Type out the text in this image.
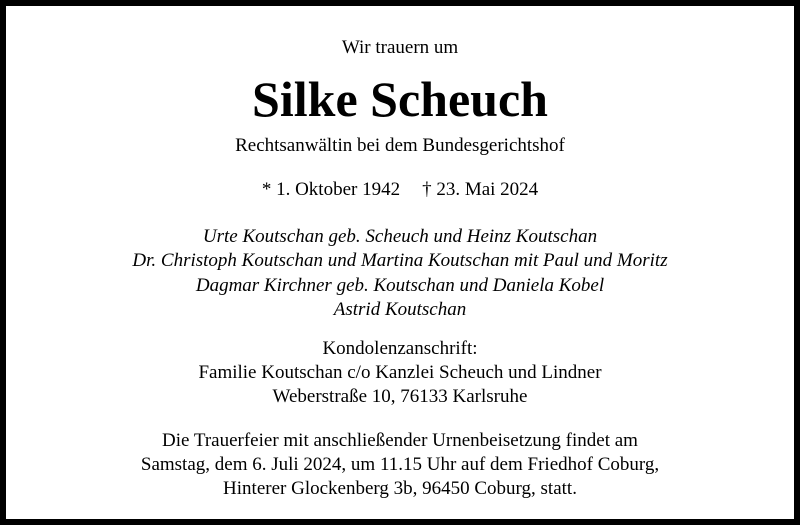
Wir trauern um
Silke Scheuch
Rechtsanwältin bei dem Bundesgerichtshof
* 1. Oktober 1942 † 23. Mai 2024
Urte Koutschan geb. Scheuch und Heinz Koutschan
Dr. Christoph Koutschan und Martina Koutschan mit Paul und Moritz
Dagmar Kirchner geb. Koutschan und Daniela Kobel
Astrid Koutschan
Kondolenzanschrift:
Familie Koutschan c/o Kanzlei Scheuch und Lindner
Weberstraße 10, 76133 Karlsruhe
Die Trauerfeier mit anschließender Urnenbeisetzung findet am
Samstag, dem 6. Juli 2024, um 11.15 Uhr auf dem Friedhof Coburg,
Hinterer Glockenberg 3b, 96450 Coburg, statt.
